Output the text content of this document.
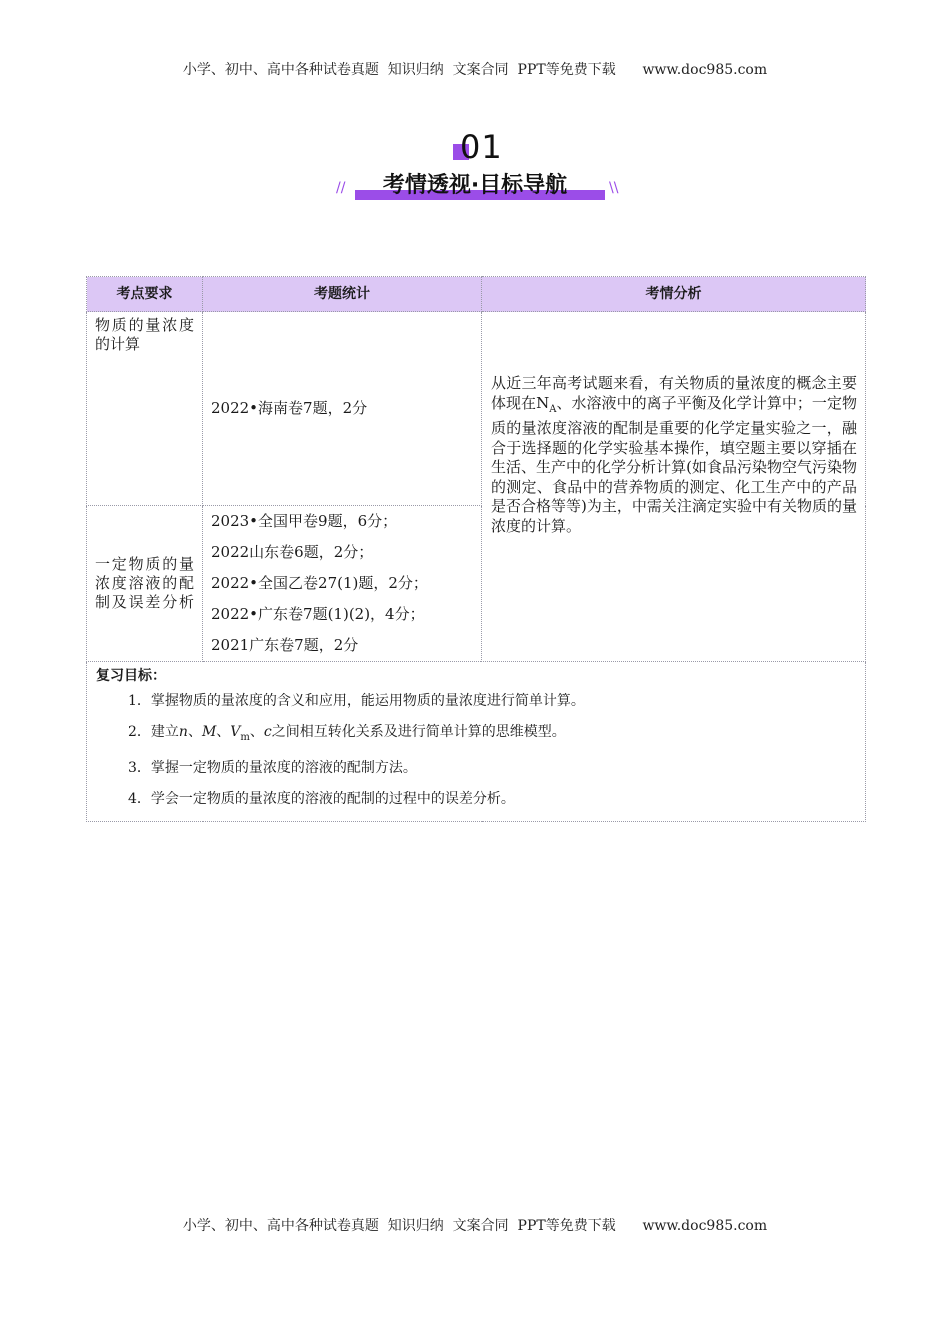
小学、初中、高中各种试卷真题  知识归纳  文案合同  PPT等免费下载      www.doc985.com
01
//	考情透视·目标导航	\\
考点要求	考题统计	考情分析

物质的量浓度的计算	2022•海南卷7题，2分	从近三年高考试题来看，有关物质的量浓度的概念主要体现在$N_A$、水溶液中的离子平衡及化学计算中；一定物质的量浓度溶液的配制是重要的化学定量实验之一，融合于选择题的化学实验基本操作，填空题主要以穿插在生活、生产中的化学分析计算(如食品污染物空气污染物的测定、食品中的营养物质的测定、化工生产中的产品是否合格等等)为主，中需关注滴定实验中有关物质的量浓度的计算。

一定物质的量浓度溶液的配制及误差分析	2023•全国甲卷9题，6分；
2022山东卷6题，2分；
2022•全国乙卷27(1)题，2分；
2022•广东卷7题(1)(2)，4分；
2021广东卷7题，2分	

复习目标：
1．掌握物质的量浓度的含义和应用，能运用物质的量浓度进行简单计算。
2．建立n、M、$V_m$、c之间相互转化关系及进行简单计算的思维模型。
3．掌握一定物质的量浓度的溶液的配制方法。
4．学会一定物质的量浓度的溶液的配制的过程中的误差分析。		
小学、初中、高中各种试卷真题  知识归纳  文案合同  PPT等免费下载      www.doc985.com
